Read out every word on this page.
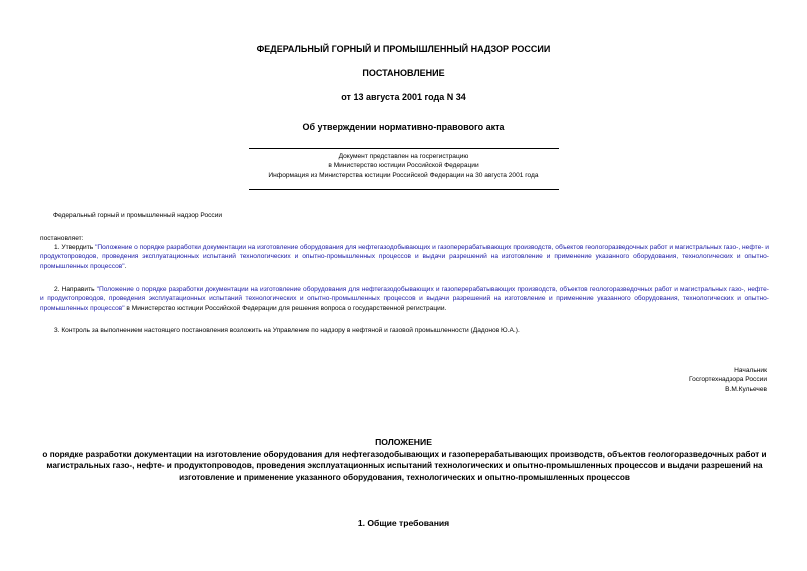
ФЕДЕРАЛЬНЫЙ ГОРНЫЙ И ПРОМЫШЛЕННЫЙ НАДЗОР РОССИИ
ПОСТАНОВЛЕНИЕ
от 13 августа 2001 года N 34
Об утверждении нормативно-правового акта
Документ представлен на госрегистрацию
в Министерство юстиции Российской Федерации
Информация из Министерства юстиции Российской Федерации на 30 августа 2001 года
Федеральный горный и промышленный надзор России
постановляет:
1. Утвердить "Положение о порядке разработки документации на изготовление оборудования для нефтегазодобывающих и газоперерабатывающих производств, объектов геологоразведочных работ и магистральных газо-, нефте- и продуктопроводов, проведения эксплуатационных испытаний технологических и опытно-промышленных процессов и выдачи разрешений на изготовление и применение указанного оборудования, технологических и опытно-промышленных процессов".
2. Направить "Положение о порядке разработки документации на изготовление оборудования для нефтегазодобывающих и газоперерабатывающих производств, объектов геологоразведочных работ и магистральных газо-, нефте- и продуктопроводов, проведения эксплуатационных испытаний технологических и опытно-промышленных процессов и выдачи разрешений на изготовление и применение указанного оборудования, технологических и опытно-промышленных процессов" в Министерство юстиции Российской Федерации для решения вопроса о государственной регистрации.
3. Контроль за выполнением настоящего постановления возложить на Управление по надзору в нефтяной и газовой промышленности (Дадонов Ю.А.).
Начальник
Госгортехнадзора России
В.М.Кульечев
ПОЛОЖЕНИЕ
о порядке разработки документации на изготовление оборудования для нефтегазодобывающих и газоперерабатывающих производств, объектов геологоразведочных работ и магистральных газо-, нефте- и продуктопроводов, проведения эксплуатационных испытаний технологических и опытно-промышленных процессов и выдачи разрешений на изготовление и применение указанного оборудования, технологических и опытно-промышленных процессов
1. Общие требования
